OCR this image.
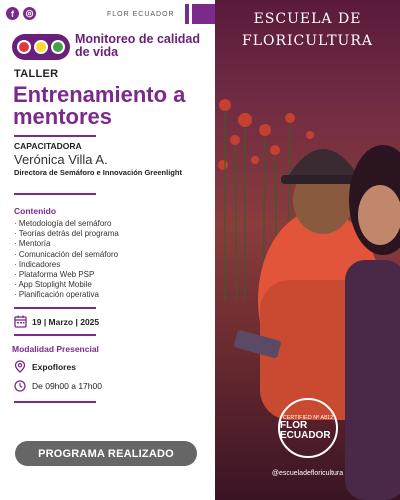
f	◎	FLOR ECUADOR
Monitoreo de calidad de vida
TALLER
Entrenamiento a mentores
CAPACITADORA
Verónica Villa A.
Directora de Semáforo e Innovación Greenlight
Contenido
· Metodología del semáforo
· Teorías detrás del programa
· Mentoría
· Comunicación del semáforo
· Indicadores
· Plataforma Web PSP
· App Stoplight Mobile
· Planificación operativa
19 | Marzo | 2025
Modalidad Presencial
Expoflores
De 09h00 a 17h00
PROGRAMA REALIZADO
ESCUELA DE
FLORICULTURA
CERTIFIED Nº A812
FLOR ECUADOR
@escueladefloricultura
